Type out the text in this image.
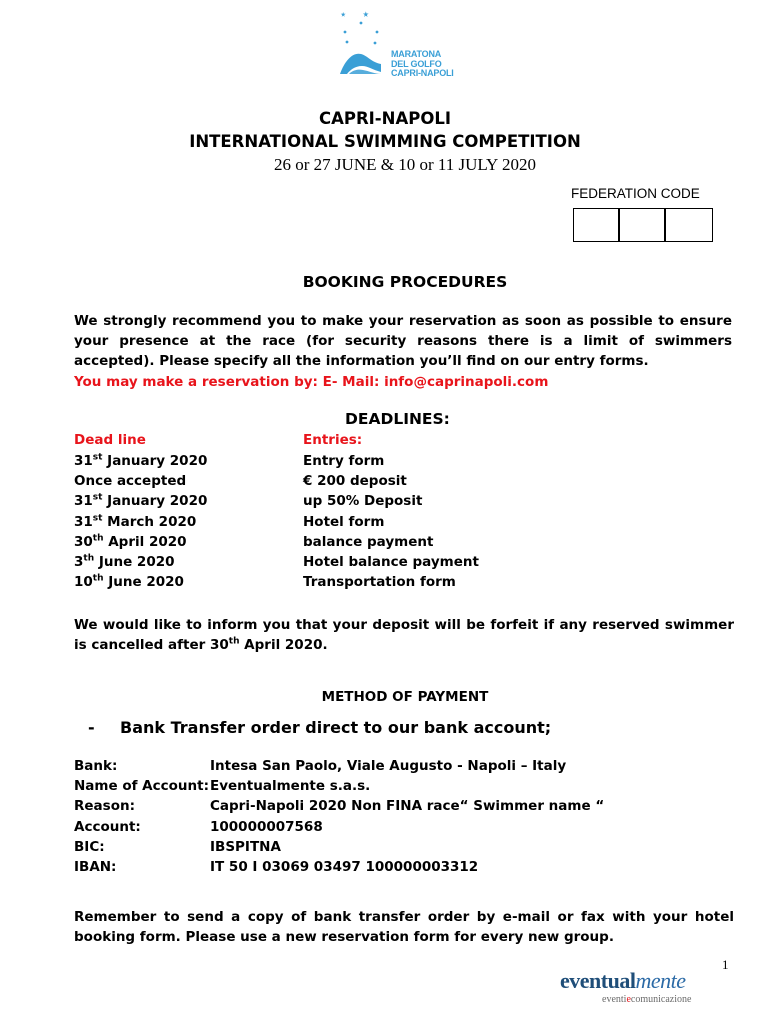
MARATONA
DEL GOLFO
CAPRI-NAPOLI
CAPRI-NAPOLI
INTERNATIONAL SWIMMING COMPETITION
26 or 27 JUNE & 10 or 11 JULY 2020
FEDERATION CODE
BOOKING PROCEDURES
We strongly recommend you to make your reservation as soon as possible to ensure your presence at the race (for security reasons there is a limit of swimmers accepted). Please specify all the information you’ll find on our entry forms.
You may make a reservation by: E- Mail: info@caprinapoli.com
DEADLINES:
Dead line	Entries:
31st January 2020	Entry form
Once accepted	€ 200 deposit
31st January 2020	up 50% Deposit
31st March 2020	Hotel form
30th April 2020	balance payment
3th June 2020	Hotel balance payment
10th June 2020	Transportation form
We would like to inform you that your deposit will be forfeit if any reserved swimmer is cancelled after 30th April 2020.
METHOD OF PAYMENT
- Bank Transfer order direct to our bank account;
Bank:	Intesa San Paolo, Viale Augusto - Napoli – Italy
Name of Account: Eventualmente s.a.s.
Reason:	Capri-Napoli 2020 Non FINA race“ Swimmer name “
Account:	100000007568
BIC:	IBSPITNA
IBAN:	IT 50 I 03069 03497 100000003312
Remember to send a copy of bank transfer order by e-mail or fax with your hotel booking form. Please use a new reservation form for every new group.
1
eventualmente
eventiecomunicazione
